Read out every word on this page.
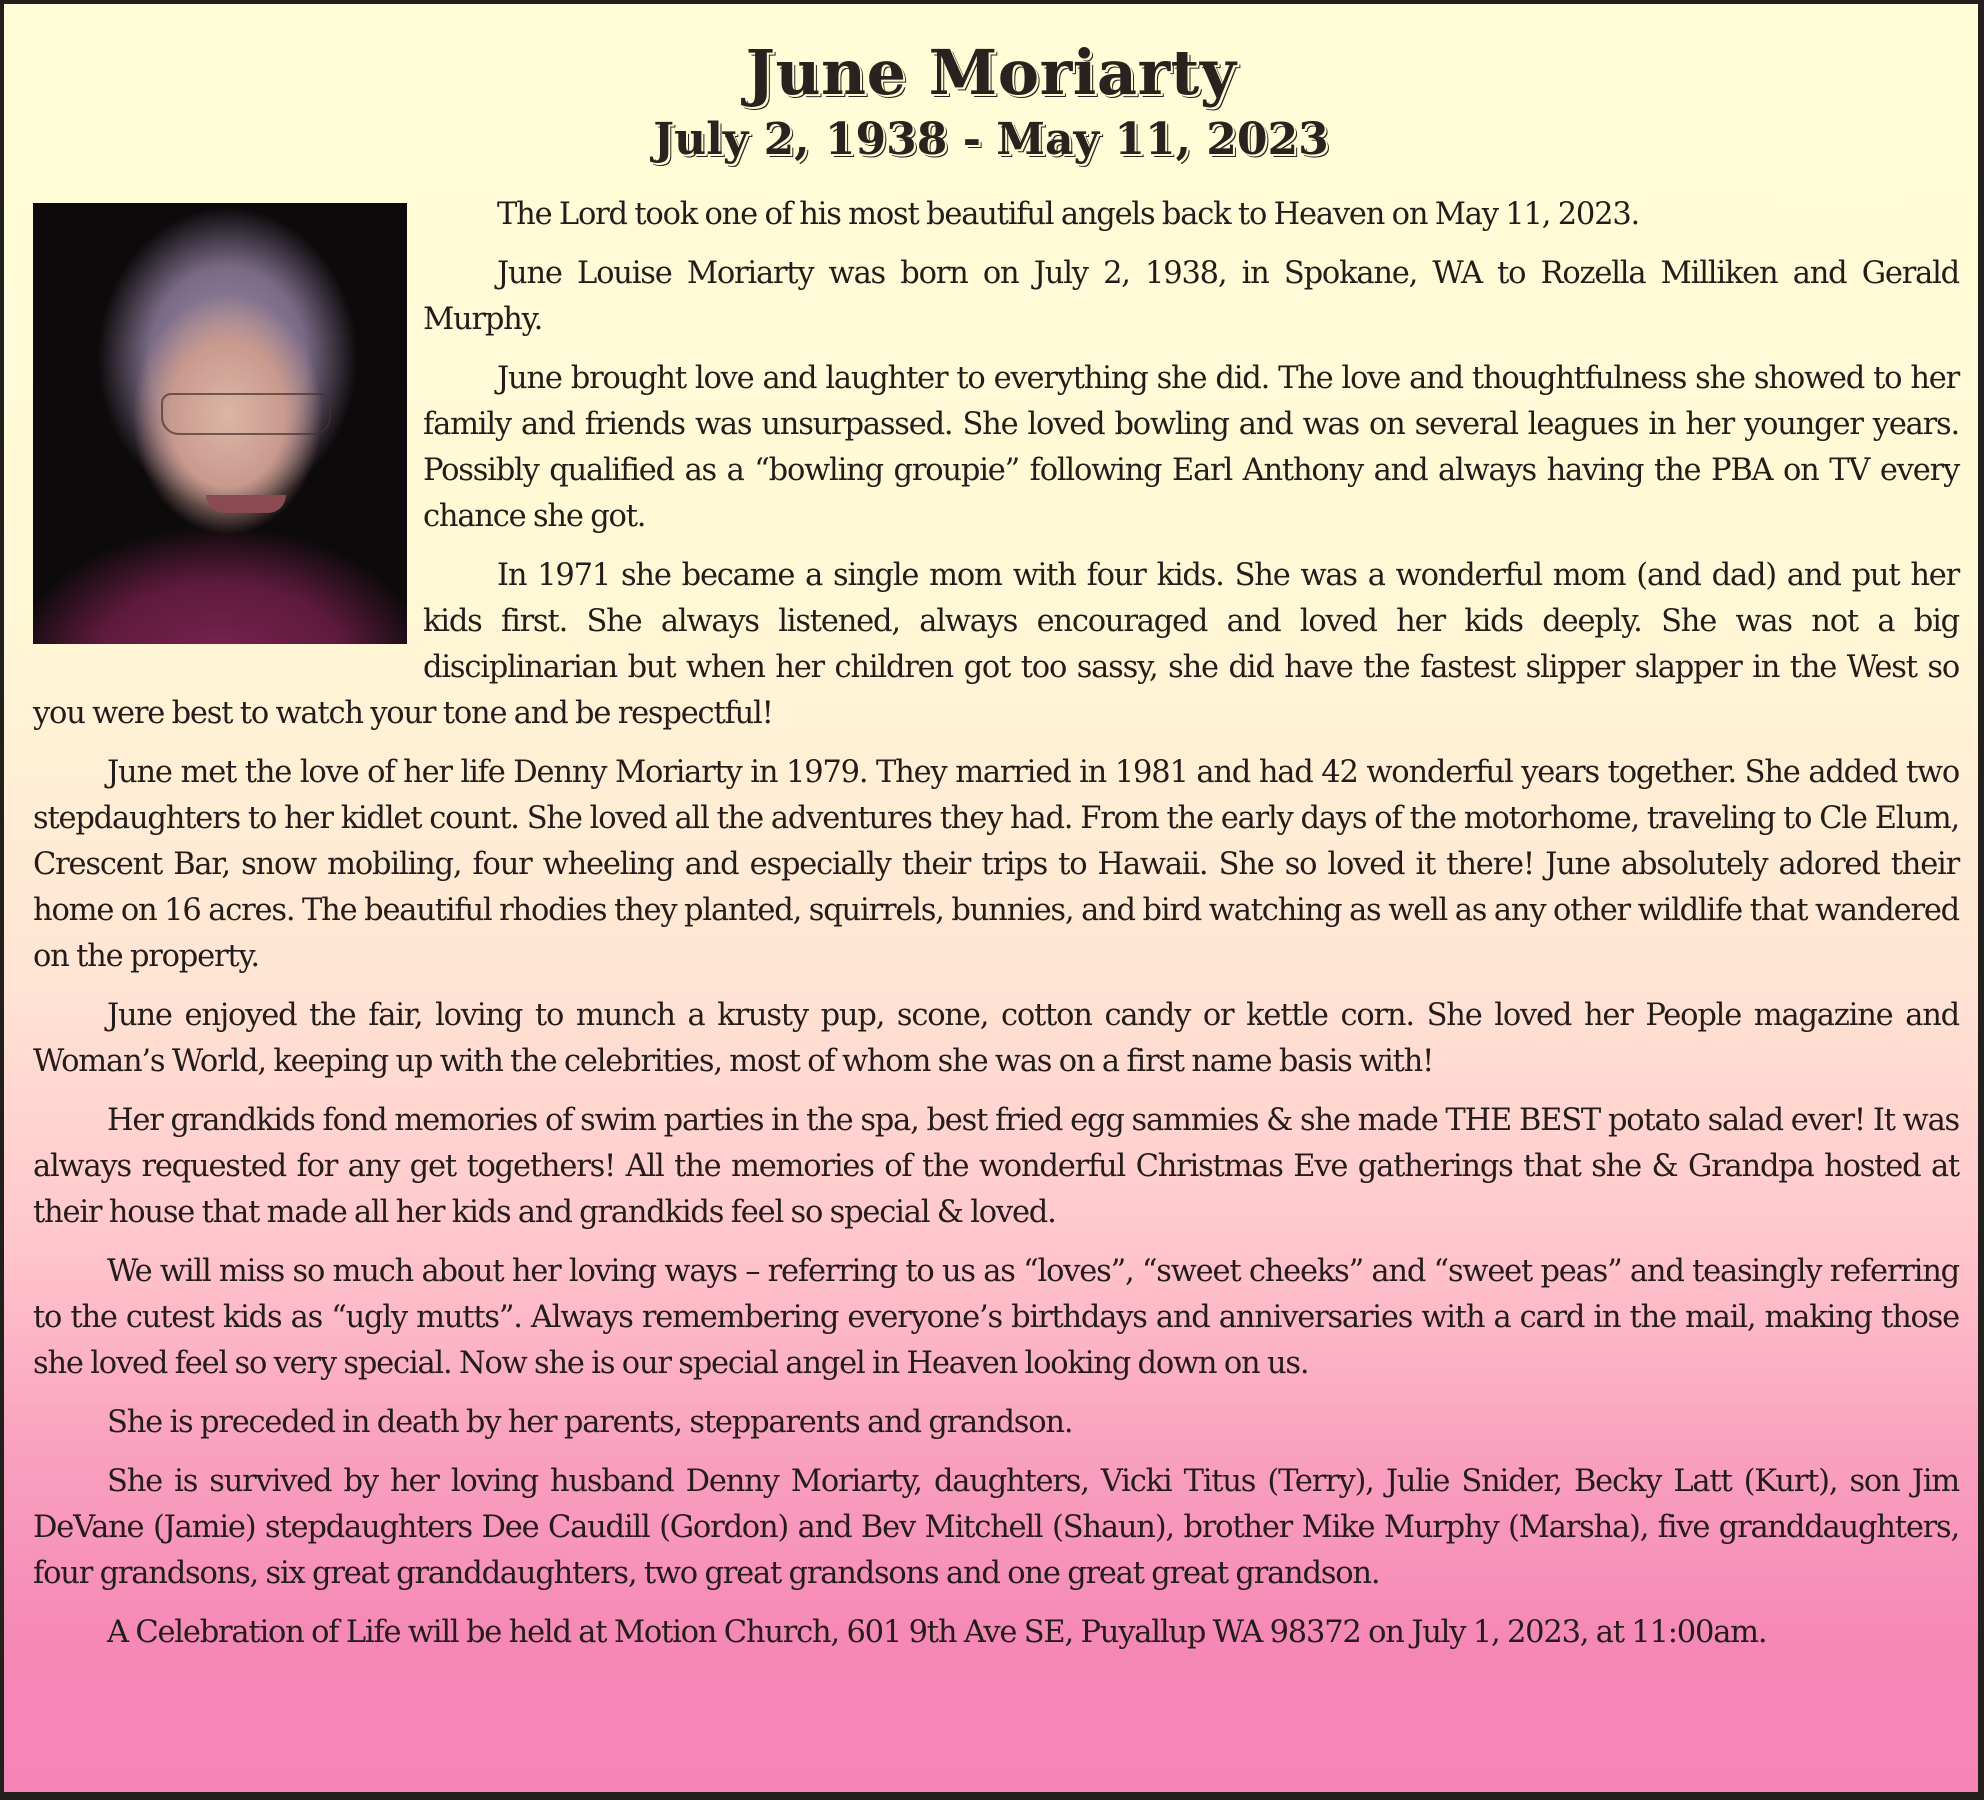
June Moriarty
July 2, 1938 - May 11, 2023

The Lord took one of his most beautiful angels back to Heaven on May 11, 2023.

June Louise Moriarty was born on July 2, 1938, in Spokane, WA to Rozella Milliken and Gerald Murphy.

June brought love and laughter to everything she did. The love and thoughtfulness she showed to her family and friends was unsurpassed. She loved bowling and was on several leagues in her younger years. Possibly qualified as a “bowling groupie” following Earl Anthony and always having the PBA on TV every chance she got.

In 1971 she became a single mom with four kids. She was a wonderful mom (and dad) and put her kids first. She always listened, always encouraged and loved her kids deeply. She was not a big disciplinarian but when her children got too sassy, she did have the fastest slipper slapper in the West so you were best to watch your tone and be respectful!

June met the love of her life Denny Moriarty in 1979. They married in 1981 and had 42 wonderful years together. She added two stepdaughters to her kidlet count. She loved all the adventures they had. From the early days of the motorhome, traveling to Cle Elum, Crescent Bar, snow mobiling, four wheeling and especially their trips to Hawaii. She so loved it there! June absolutely adored their home on 16 acres. The beautiful rhodies they planted, squirrels, bunnies, and bird watching as well as any other wildlife that wandered on the property.

June enjoyed the fair, loving to munch a krusty pup, scone, cotton candy or kettle corn. She loved her People magazine and Woman’s World, keeping up with the celebrities, most of whom she was on a first name basis with!

Her grandkids fond memories of swim parties in the spa, best fried egg sammies & she made THE BEST potato salad ever! It was always requested for any get togethers! All the memories of the wonderful Christmas Eve gatherings that she & Grandpa hosted at their house that made all her kids and grandkids feel so special & loved.

We will miss so much about her loving ways – referring to us as “loves”, “sweet cheeks” and “sweet peas” and teasingly referring to the cutest kids as “ugly mutts”. Always remembering everyone’s birthdays and anniversaries with a card in the mail, making those she loved feel so very special. Now she is our special angel in Heaven looking down on us.

She is preceded in death by her parents, stepparents and grandson.

She is survived by her loving husband Denny Moriarty, daughters, Vicki Titus (Terry), Julie Snider, Becky Latt (Kurt), son Jim DeVane (Jamie) stepdaughters Dee Caudill (Gordon) and Bev Mitchell (Shaun), brother Mike Murphy (Marsha), five granddaughters, four grandsons, six great granddaughters, two great grandsons and one great great grandson.

A Celebration of Life will be held at Motion Church, 601 9th Ave SE, Puyallup WA 98372 on July 1, 2023, at 11:00am.
